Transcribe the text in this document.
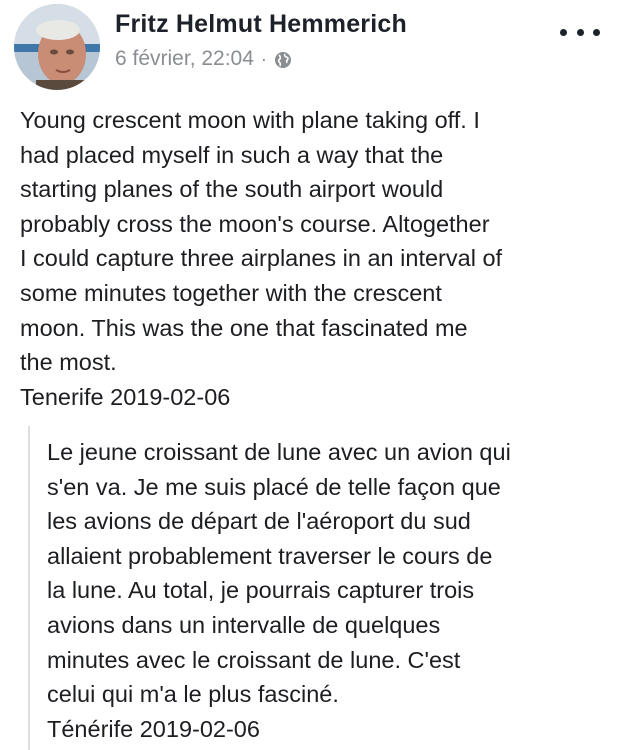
Fritz Helmut Hemmerich
6 février, 22:04 ·
Young crescent moon with plane taking off. I
had placed myself in such a way that the
starting planes of the south airport would
probably cross the moon's course. Altogether
I could capture three airplanes in an interval of
some minutes together with the crescent
moon. This was the one that fascinated me
the most.
Tenerife 2019-02-06
Le jeune croissant de lune avec un avion qui
s'en va. Je me suis placé de telle façon que
les avions de départ de l'aéroport du sud
allaient probablement traverser le cours de
la lune. Au total, je pourrais capturer trois
avions dans un intervalle de quelques
minutes avec le croissant de lune. C'est
celui qui m'a le plus fasciné.
Ténérife 2019-02-06
